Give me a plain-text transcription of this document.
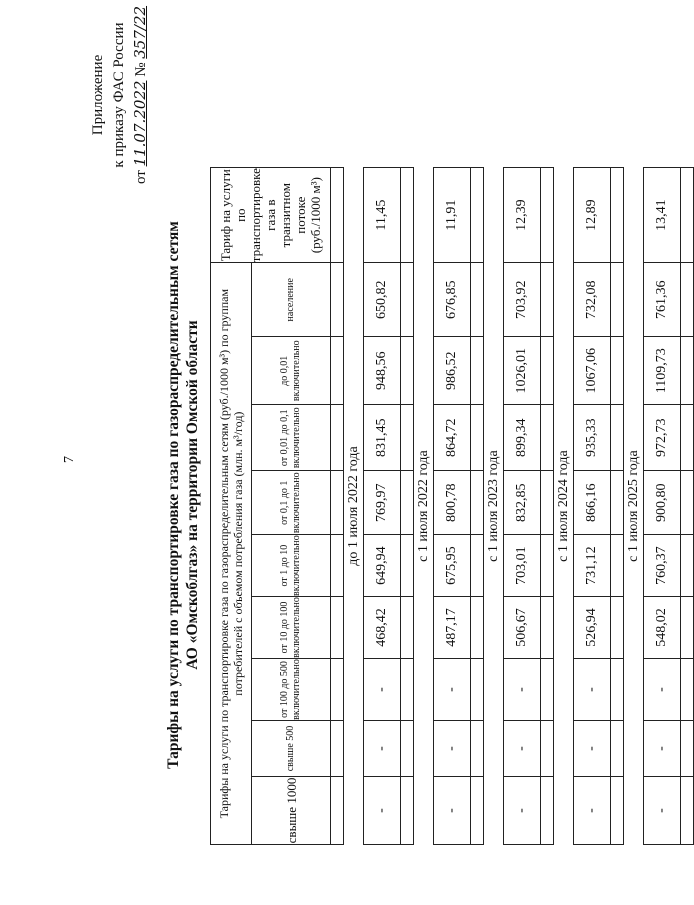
7
Приложение к приказу ФАС России
от 11.07.2022 № 357/22
Тарифы на услуги по транспортировке газа по газораспределительным сетям АО «Омскоблгаз» на территории Омской области Тарифы на услуги по транспортировке газа по газораспределительным сетям (руб./1000 м³) по группам потребителей с объемом потребления газа (млн. м³/год)									Тариф на услуги по транспортировке газа в транзитном потоке (руб./1000 м³)
свыше 1000	свыше 500	от 100 до 500 включительно	от 10 до 100 включительно	от 1 до 10 включительно	от 0,1 до 1 включительно	от 0,01 до 0,1 включительно	до 0,01 включительно	население	

до 1 июля 2022 года									
-	-	-	468,42	649,94	769,97	831,45	948,56	650,82	11,45

с 1 июля 2022 года									
-	-	-	487,17	675,95	800,78	864,72	986,52	676,85	11,91

с 1 июля 2023 года									
-	-	-	506,67	703,01	832,85	899,34	1026,01	703,92	12,39

с 1 июля 2024 года									
-	-	-	526,94	731,12	866,16	935,33	1067,06	732,08	12,89

с 1 июля 2025 года									
-	-	-	548,02	760,37	900,80	972,73	1109,73	761,36	13,41
